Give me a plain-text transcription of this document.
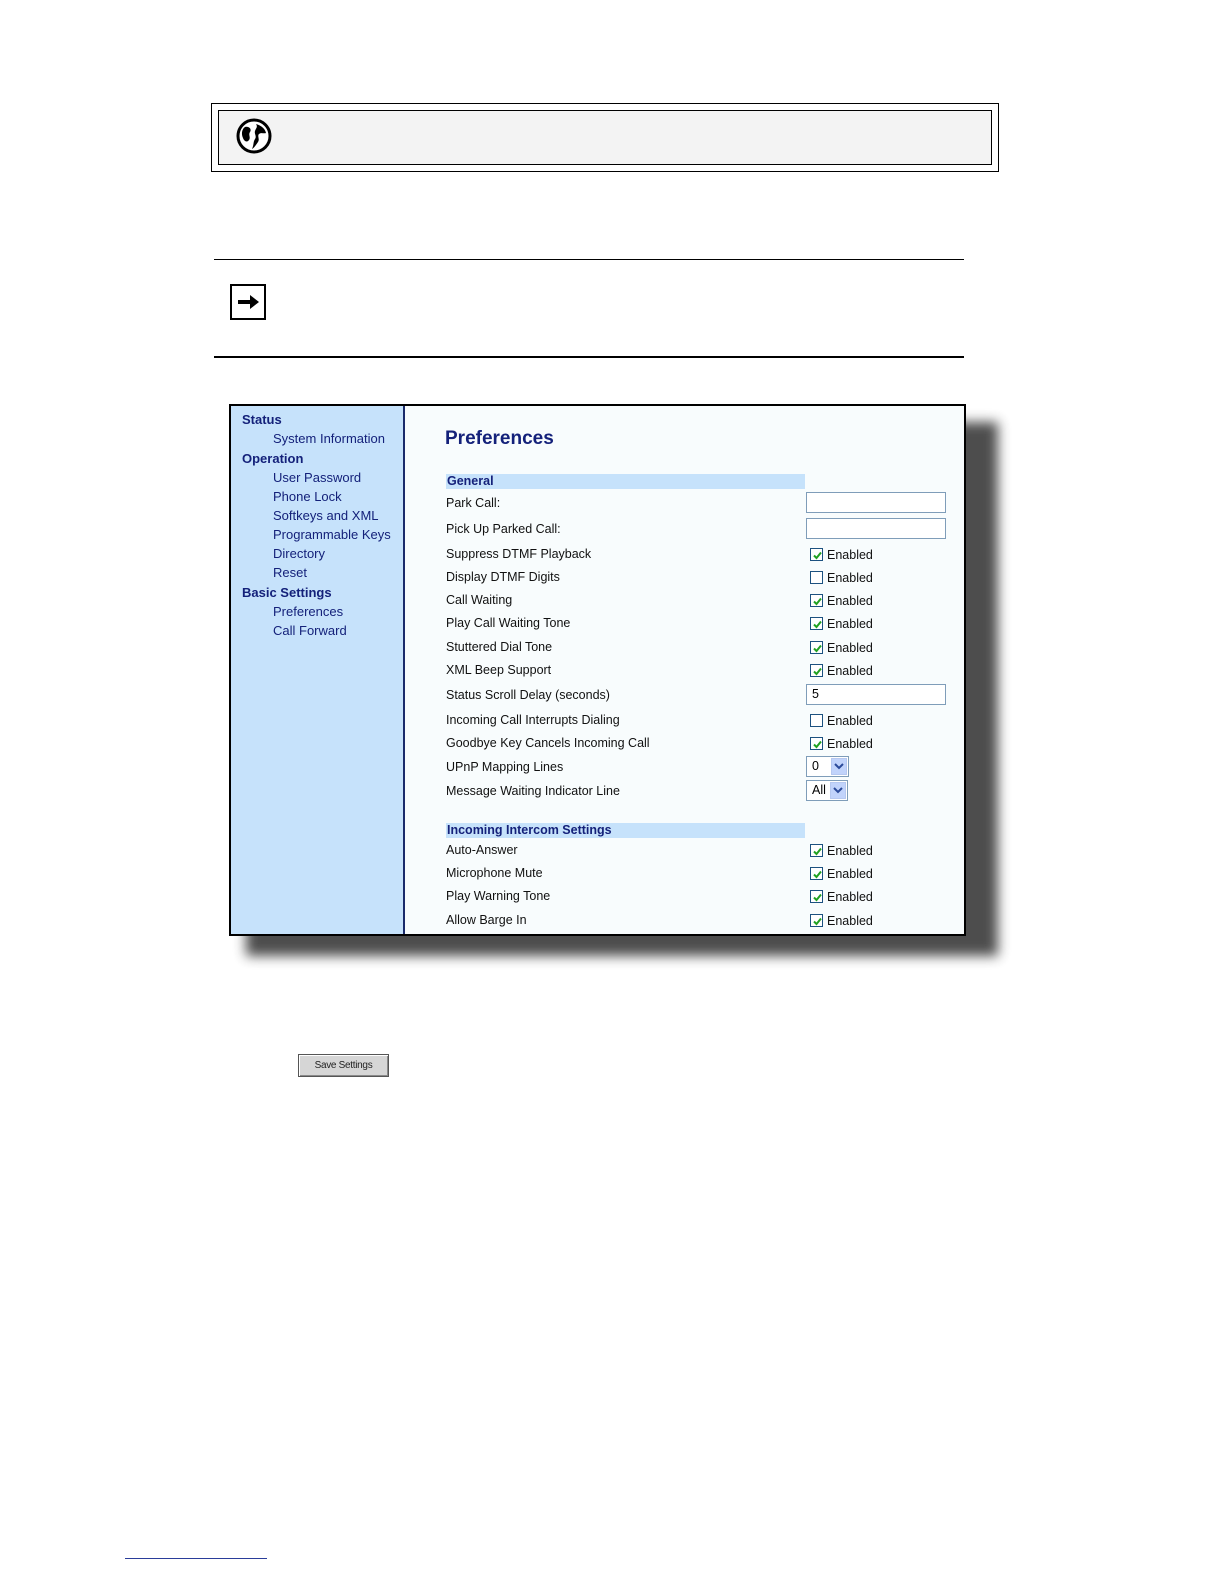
Status
System Information
Operation
User Password
Phone Lock
Softkeys and XML
Programmable Keys
Directory
Reset
Basic Settings
Preferences
Call Forward
Preferences
General
Park Call:
Pick Up Parked Call:
Suppress DTMF Playback	Enabled
Display DTMF Digits	Enabled
Call Waiting	Enabled
Play Call Waiting Tone	Enabled
Stuttered Dial Tone	Enabled
XML Beep Support	Enabled
Status Scroll Delay (seconds)	5
Incoming Call Interrupts Dialing	Enabled
Goodbye Key Cancels Incoming Call	Enabled
UPnP Mapping Lines	0
Message Waiting Indicator Line	All
Incoming Intercom Settings
Auto-Answer	Enabled
Microphone Mute	Enabled
Play Warning Tone	Enabled
Allow Barge In	Enabled
Save Settings
